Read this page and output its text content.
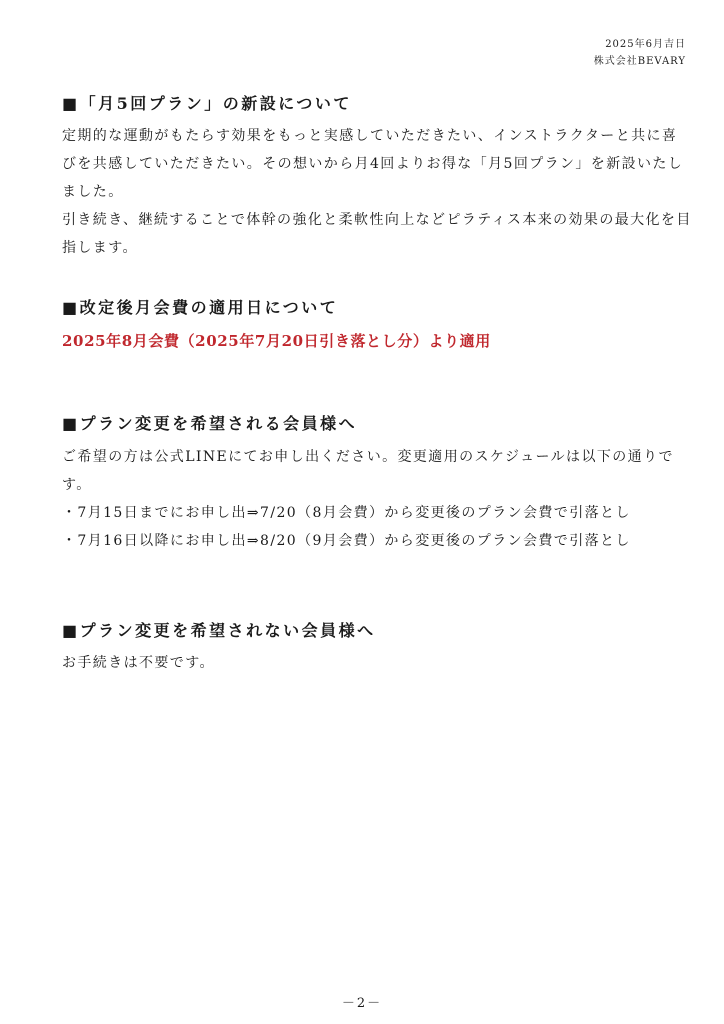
2025年6月吉日
株式会社BEVARY
■「月5回プラン」の新設について

定期的な運動がもたらす効果をもっと実感していただきたい、インストラクターと共に喜びを共感していただきたい。その想いから月4回よりお得な「月5回プラン」を新設いたしました。

引き続き、継続することで体幹の強化と柔軟性向上などピラティス本来の効果の最大化を目指します。

■改定後月会費の適用日について

2025年8月会費（2025年7月20日引き落とし分）より適用

■プラン変更を希望される会員様へ

ご希望の方は公式LINEにてお申し出ください。変更適用のスケジュールは以下の通りです。

・7月15日までにお申し出⇒7/20（8月会費）から変更後のプラン会費で引落とし

・7月16日以降にお申し出⇒8/20（9月会費）から変更後のプラン会費で引落とし

■プラン変更を希望されない会員様へ

お手続きは不要です。

－2－
